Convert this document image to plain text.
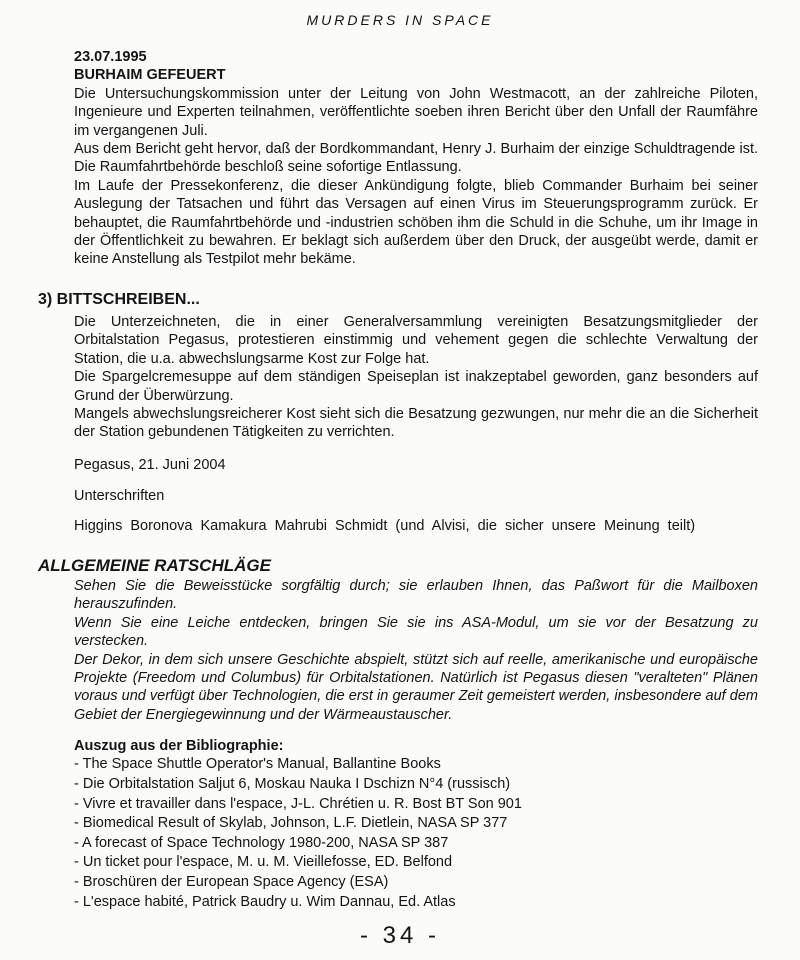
MURDERS IN SPACE

23.07.1995

BURHAIM GEFEUERT

Die Untersuchungskommission unter der Leitung von John Westmacott, an der zahlreiche Piloten, Ingenieure und Experten teilnahmen, veröffentlichte soeben ihren Bericht über den Unfall der Raumfähre im vergangenen Juli.

Aus dem Bericht geht hervor, daß der Bordkommandant, Henry J. Burhaim der einzige Schuldtragende ist. Die Raumfahrtbehörde beschloß seine sofortige Entlassung.

Im Laufe der Pressekonferenz, die dieser Ankündigung folgte, blieb Commander Burhaim bei seiner Auslegung der Tatsachen und führt das Versagen auf einen Virus im Steuerungsprogramm zurück. Er behauptet, die Raumfahrtbehörde und -industrien schöben ihm die Schuld in die Schuhe, um ihr Image in der Öffentlichkeit zu bewahren. Er beklagt sich außerdem über den Druck, der ausgeübt werde, damit er keine Anstellung als Testpilot mehr bekäme.

3) BITTSCHREIBEN...

Die Unterzeichneten, die in einer Generalversammlung vereinigten Besatzungsmitglieder der Orbitalstation Pegasus, protestieren einstimmig und vehement gegen die schlechte Verwaltung der Station, die u.a. abwechslungsarme Kost zur Folge hat.

Die Spargelcremesuppe auf dem ständigen Speiseplan ist inakzeptabel geworden, ganz besonders auf Grund der Überwürzung.

Mangels abwechslungsreicherer Kost sieht sich die Besatzung gezwungen, nur mehr die an die Sicherheit der Station gebundenen Tätigkeiten zu verrichten.

Pegasus, 21. Juni 2004

Unterschriften

Higgins Boronova Kamakura Mahrubi Schmidt (und Alvisi, die sicher unsere Meinung teilt)

ALLGEMEINE RATSCHLÄGE

Sehen Sie die Beweisstücke sorgfältig durch; sie erlauben Ihnen, das Paßwort für die Mailboxen herauszufinden.

Wenn Sie eine Leiche entdecken, bringen Sie sie ins ASA-Modul, um sie vor der Besatzung zu verstecken.

Der Dekor, in dem sich unsere Geschichte abspielt, stützt sich auf reelle, amerikanische und europäische Projekte (Freedom und Columbus) für Orbitalstationen. Natürlich ist Pegasus diesen "veralteten" Plänen voraus und verfügt über Technologien, die erst in geraumer Zeit gemeistert werden, insbesondere auf dem Gebiet der Energiegewinnung und der Wärmeaustauscher.

Auszug aus der Bibliographie:

- The Space Shuttle Operator's Manual, Ballantine Books
- Die Orbitalstation Saljut 6, Moskau Nauka I Dschizn N°4 (russisch)
- Vivre et travailler dans l'espace, J-L. Chrétien u. R. Bost BT Son 901
- Biomedical Result of Skylab, Johnson, L.F. Dietlein, NASA SP 377
- A forecast of Space Technology 1980-200, NASA SP 387
- Un ticket pour l'espace, M. u. M. Vieillefosse, ED. Belfond
- Broschüren der European Space Agency (ESA)
- L'espace habité, Patrick Baudry u. Wim Dannau, Ed. Atlas
- 34 -
